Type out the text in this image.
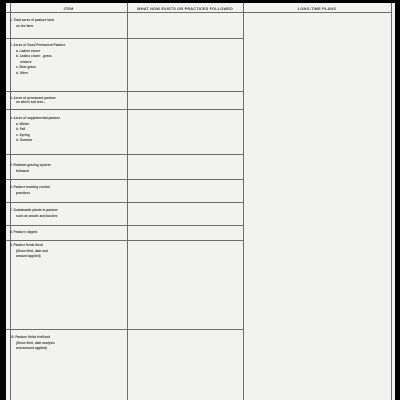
ITEM	WHAT NOW EXISTS OR PRACTICES FOLLOWED	LONG-TIME PLANS

1. Total acres of pasture land

on the farm

2. Acres of Good Permanent Pasture

a. Ladino clover

b. Ladino clover - grass

mixture

c. Blue grass

d. Other

3. Acres of permanent pasture

on which soil test...

4. Acres of supplemental pasture

a. Winter

b. Fall

c. Spring

d. Summer

5. Rotation grazing system

followed

6. Pasture mowing control

practices

7. Sustainable plants in pasture

such as woods and bushes

8. Pasture clipped

9. Pasture fields fined

(Show field, date and

amount applied)

10. Pasture fields fertilized

(Show field, date analysis

and amount applied)
